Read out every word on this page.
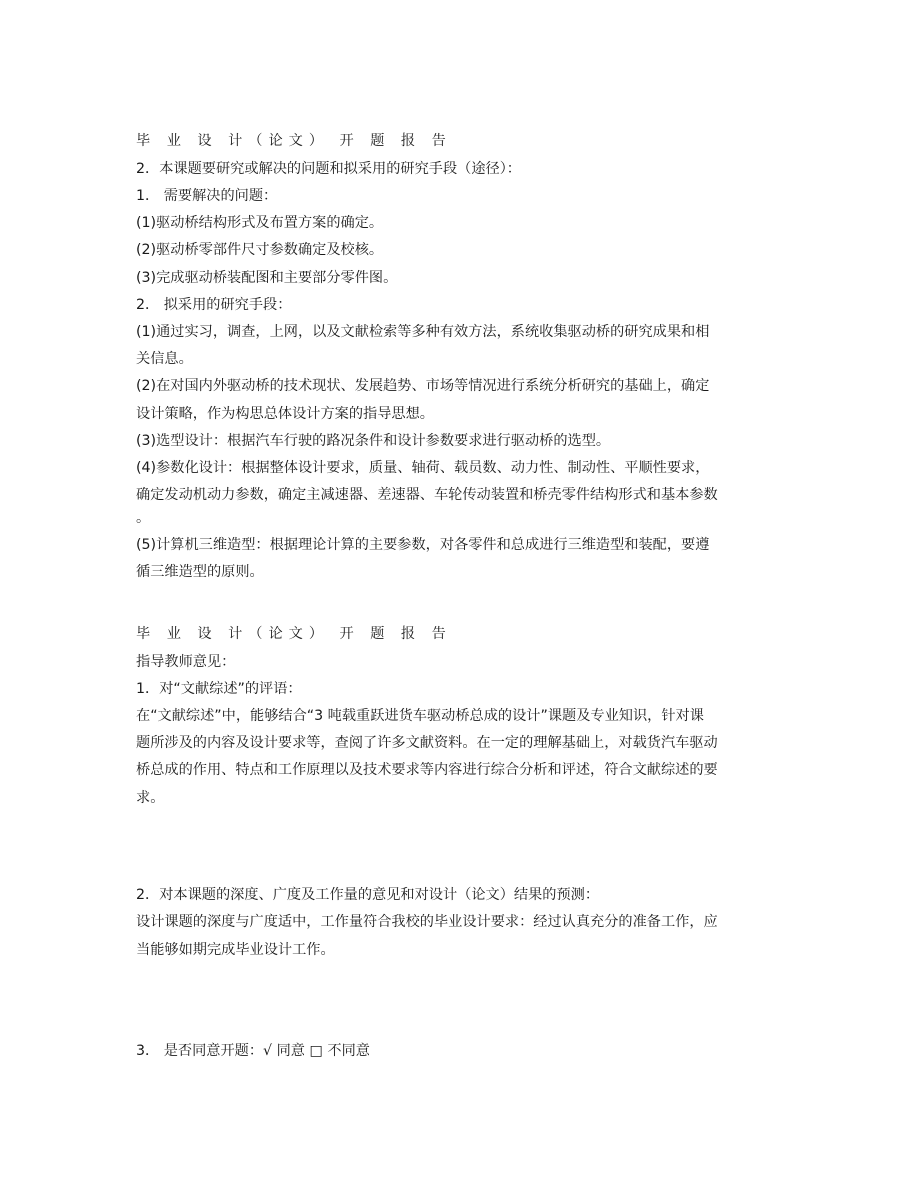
毕 业 设 计（论文） 开 题 报 告
2．本课题要研究或解决的问题和拟采用的研究手段（途径）：
1． 需要解决的问题：
(1)驱动桥结构形式及布置方案的确定。
(2)驱动桥零部件尺寸参数确定及校核。
(3)完成驱动桥装配图和主要部分零件图。
2． 拟采用的研究手段：
(1)通过实习，调查，上网，以及文献检索等多种有效方法，系统收集驱动桥的研究成果和相
关信息。
(2)在对国内外驱动桥的技术现状、发展趋势、市场等情况进行系统分析研究的基础上，确定
设计策略，作为构思总体设计方案的指导思想。
(3)选型设计：根据汽车行驶的路况条件和设计参数要求进行驱动桥的选型。
(4)参数化设计：根据整体设计要求，质量、轴荷、载员数、动力性、制动性、平顺性要求，
确定发动机动力参数，确定主减速器、差速器、车轮传动装置和桥壳零件结构形式和基本参数
。
(5)计算机三维造型：根据理论计算的主要参数，对各零件和总成进行三维造型和装配，要遵
循三维造型的原则。
毕 业 设 计（论文） 开 题 报 告
指导教师意见：
1．对“文献综述”的评语：
在“文献综述”中，能够结合“3 吨载重跃进货车驱动桥总成的设计”课题及专业知识，针对课
题所涉及的内容及设计要求等，查阅了许多文献资料。在一定的理解基础上，对载货汽车驱动
桥总成的作用、特点和工作原理以及技术要求等内容进行综合分析和评述，符合文献综述的要
求。
2．对本课题的深度、广度及工作量的意见和对设计（论文）结果的预测：
设计课题的深度与广度适中，工作量符合我校的毕业设计要求：经过认真充分的准备工作，应
当能够如期完成毕业设计工作。
3． 是否同意开题：√ 同意 □ 不同意
